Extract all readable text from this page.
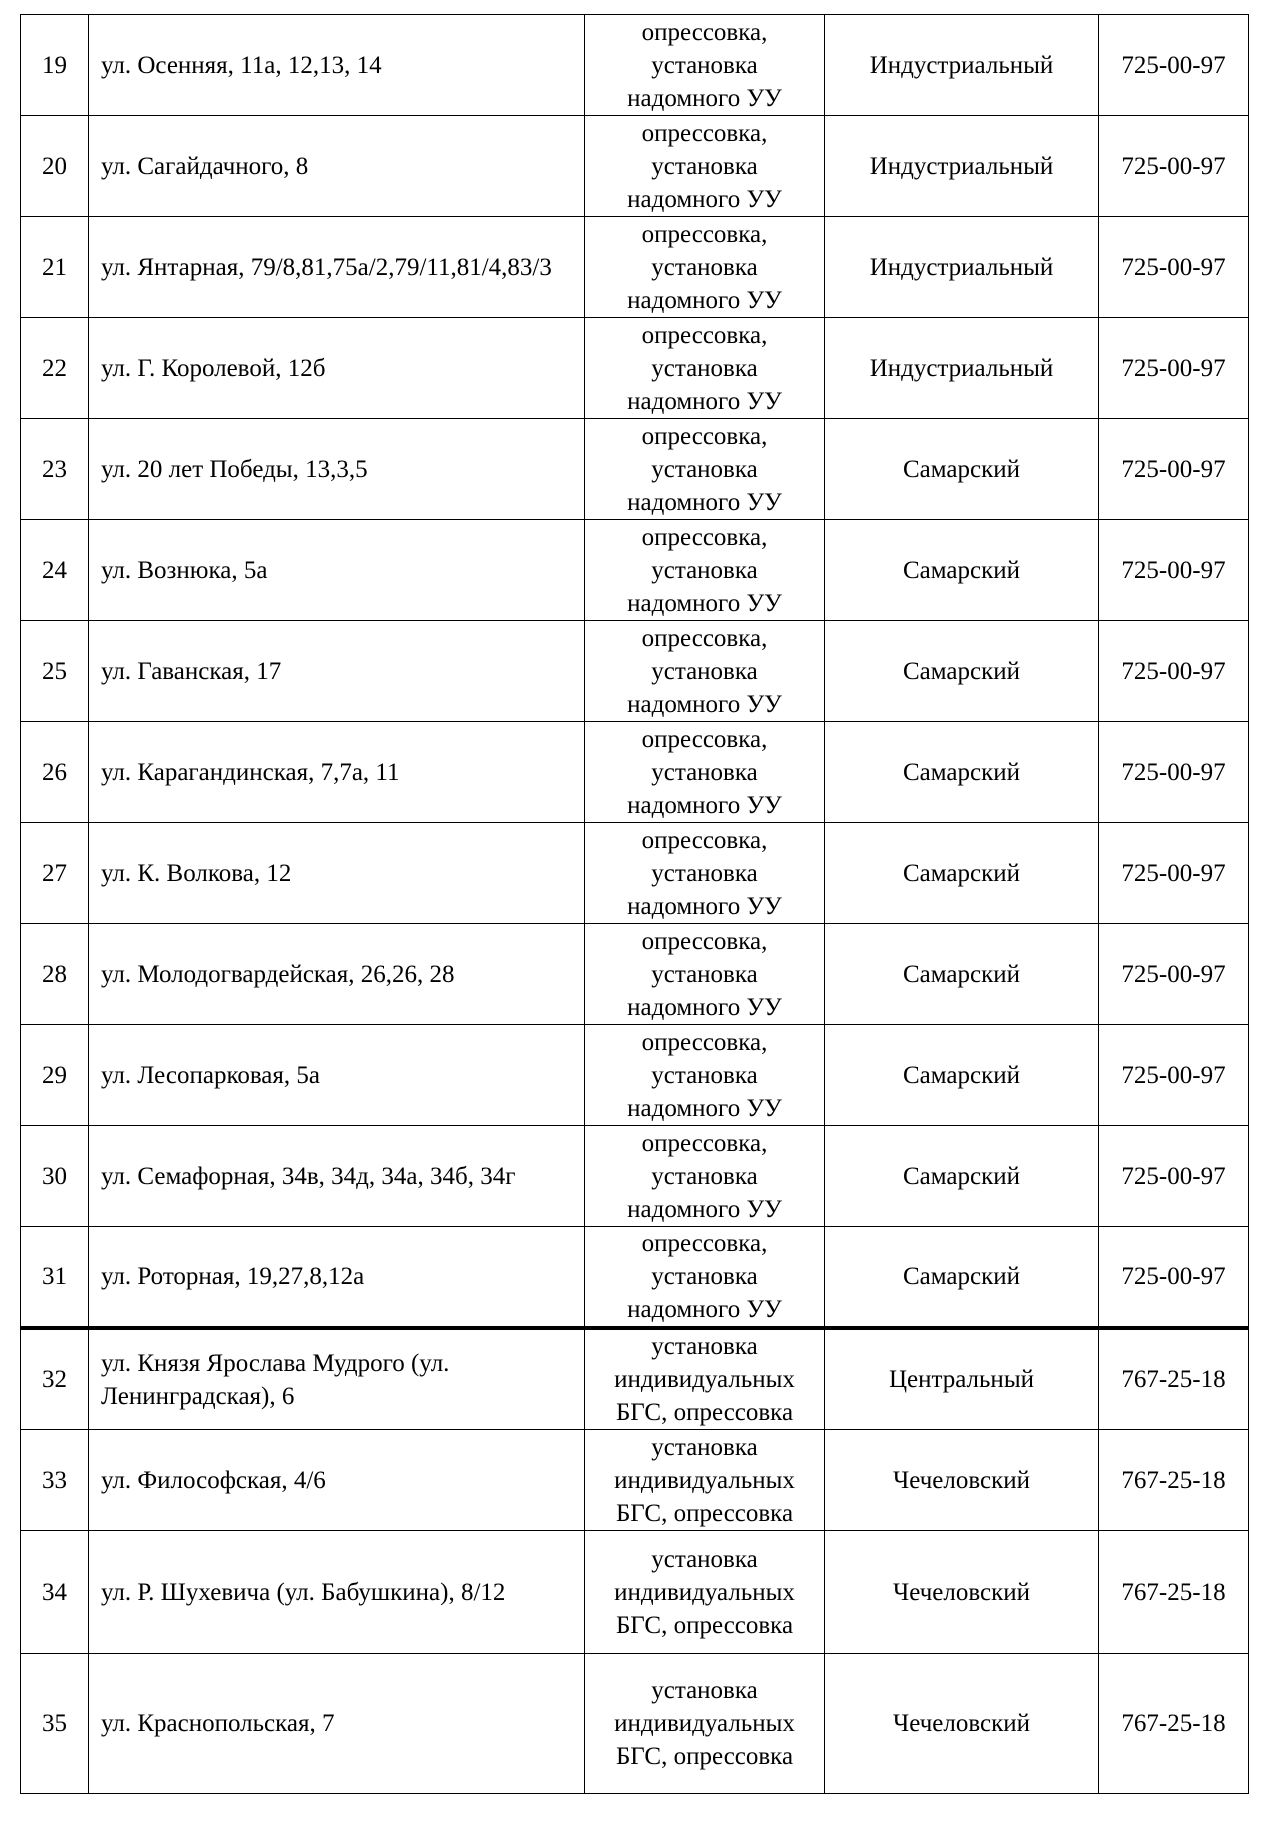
19	ул. Осенняя, 11а, 12,13, 14	опрессовка,
установка
надомного УУ	Индустриальный	725-00-97
20	ул. Сагайдачного, 8	опрессовка,
установка
надомного УУ	Индустриальный	725-00-97
21	ул. Янтарная, 79/8,81,75а/2,79/11,81/4,83/3	опрессовка,
установка
надомного УУ	Индустриальный	725-00-97
22	ул. Г. Королевой, 12б	опрессовка,
установка
надомного УУ	Индустриальный	725-00-97
23	ул. 20 лет Победы, 13,3,5	опрессовка,
установка
надомного УУ	Самарский	725-00-97
24	ул. Вознюка, 5а	опрессовка,
установка
надомного УУ	Самарский	725-00-97
25	ул. Гаванская, 17	опрессовка,
установка
надомного УУ	Самарский	725-00-97
26	ул. Карагандинская, 7,7а, 11	опрессовка,
установка
надомного УУ	Самарский	725-00-97
27	ул. К. Волкова, 12	опрессовка,
установка
надомного УУ	Самарский	725-00-97
28	ул. Молодогвардейская, 26,26, 28	опрессовка,
установка
надомного УУ	Самарский	725-00-97
29	ул. Лесопарковая, 5а	опрессовка,
установка
надомного УУ	Самарский	725-00-97
30	ул. Семафорная, 34в, 34д, 34а, 34б, 34г	опрессовка,
установка
надомного УУ	Самарский	725-00-97
31	ул. Роторная, 19,27,8,12а	опрессовка,
установка
надомного УУ	Самарский	725-00-97
32	ул. Князя Ярослава Мудрого (ул. Ленинградская), 6	установка
индивидуальных
БГС, опрессовка	Центральный	767-25-18
33	ул. Философская, 4/6	установка
индивидуальных
БГС, опрессовка	Чечеловский	767-25-18
34	ул. Р. Шухевича (ул. Бабушкина), 8/12	установка
индивидуальных
БГС, опрессовка	Чечеловский	767-25-18
35	ул. Краснопольская, 7	установка
индивидуальных
БГС, опрессовка	Чечеловский	767-25-18
